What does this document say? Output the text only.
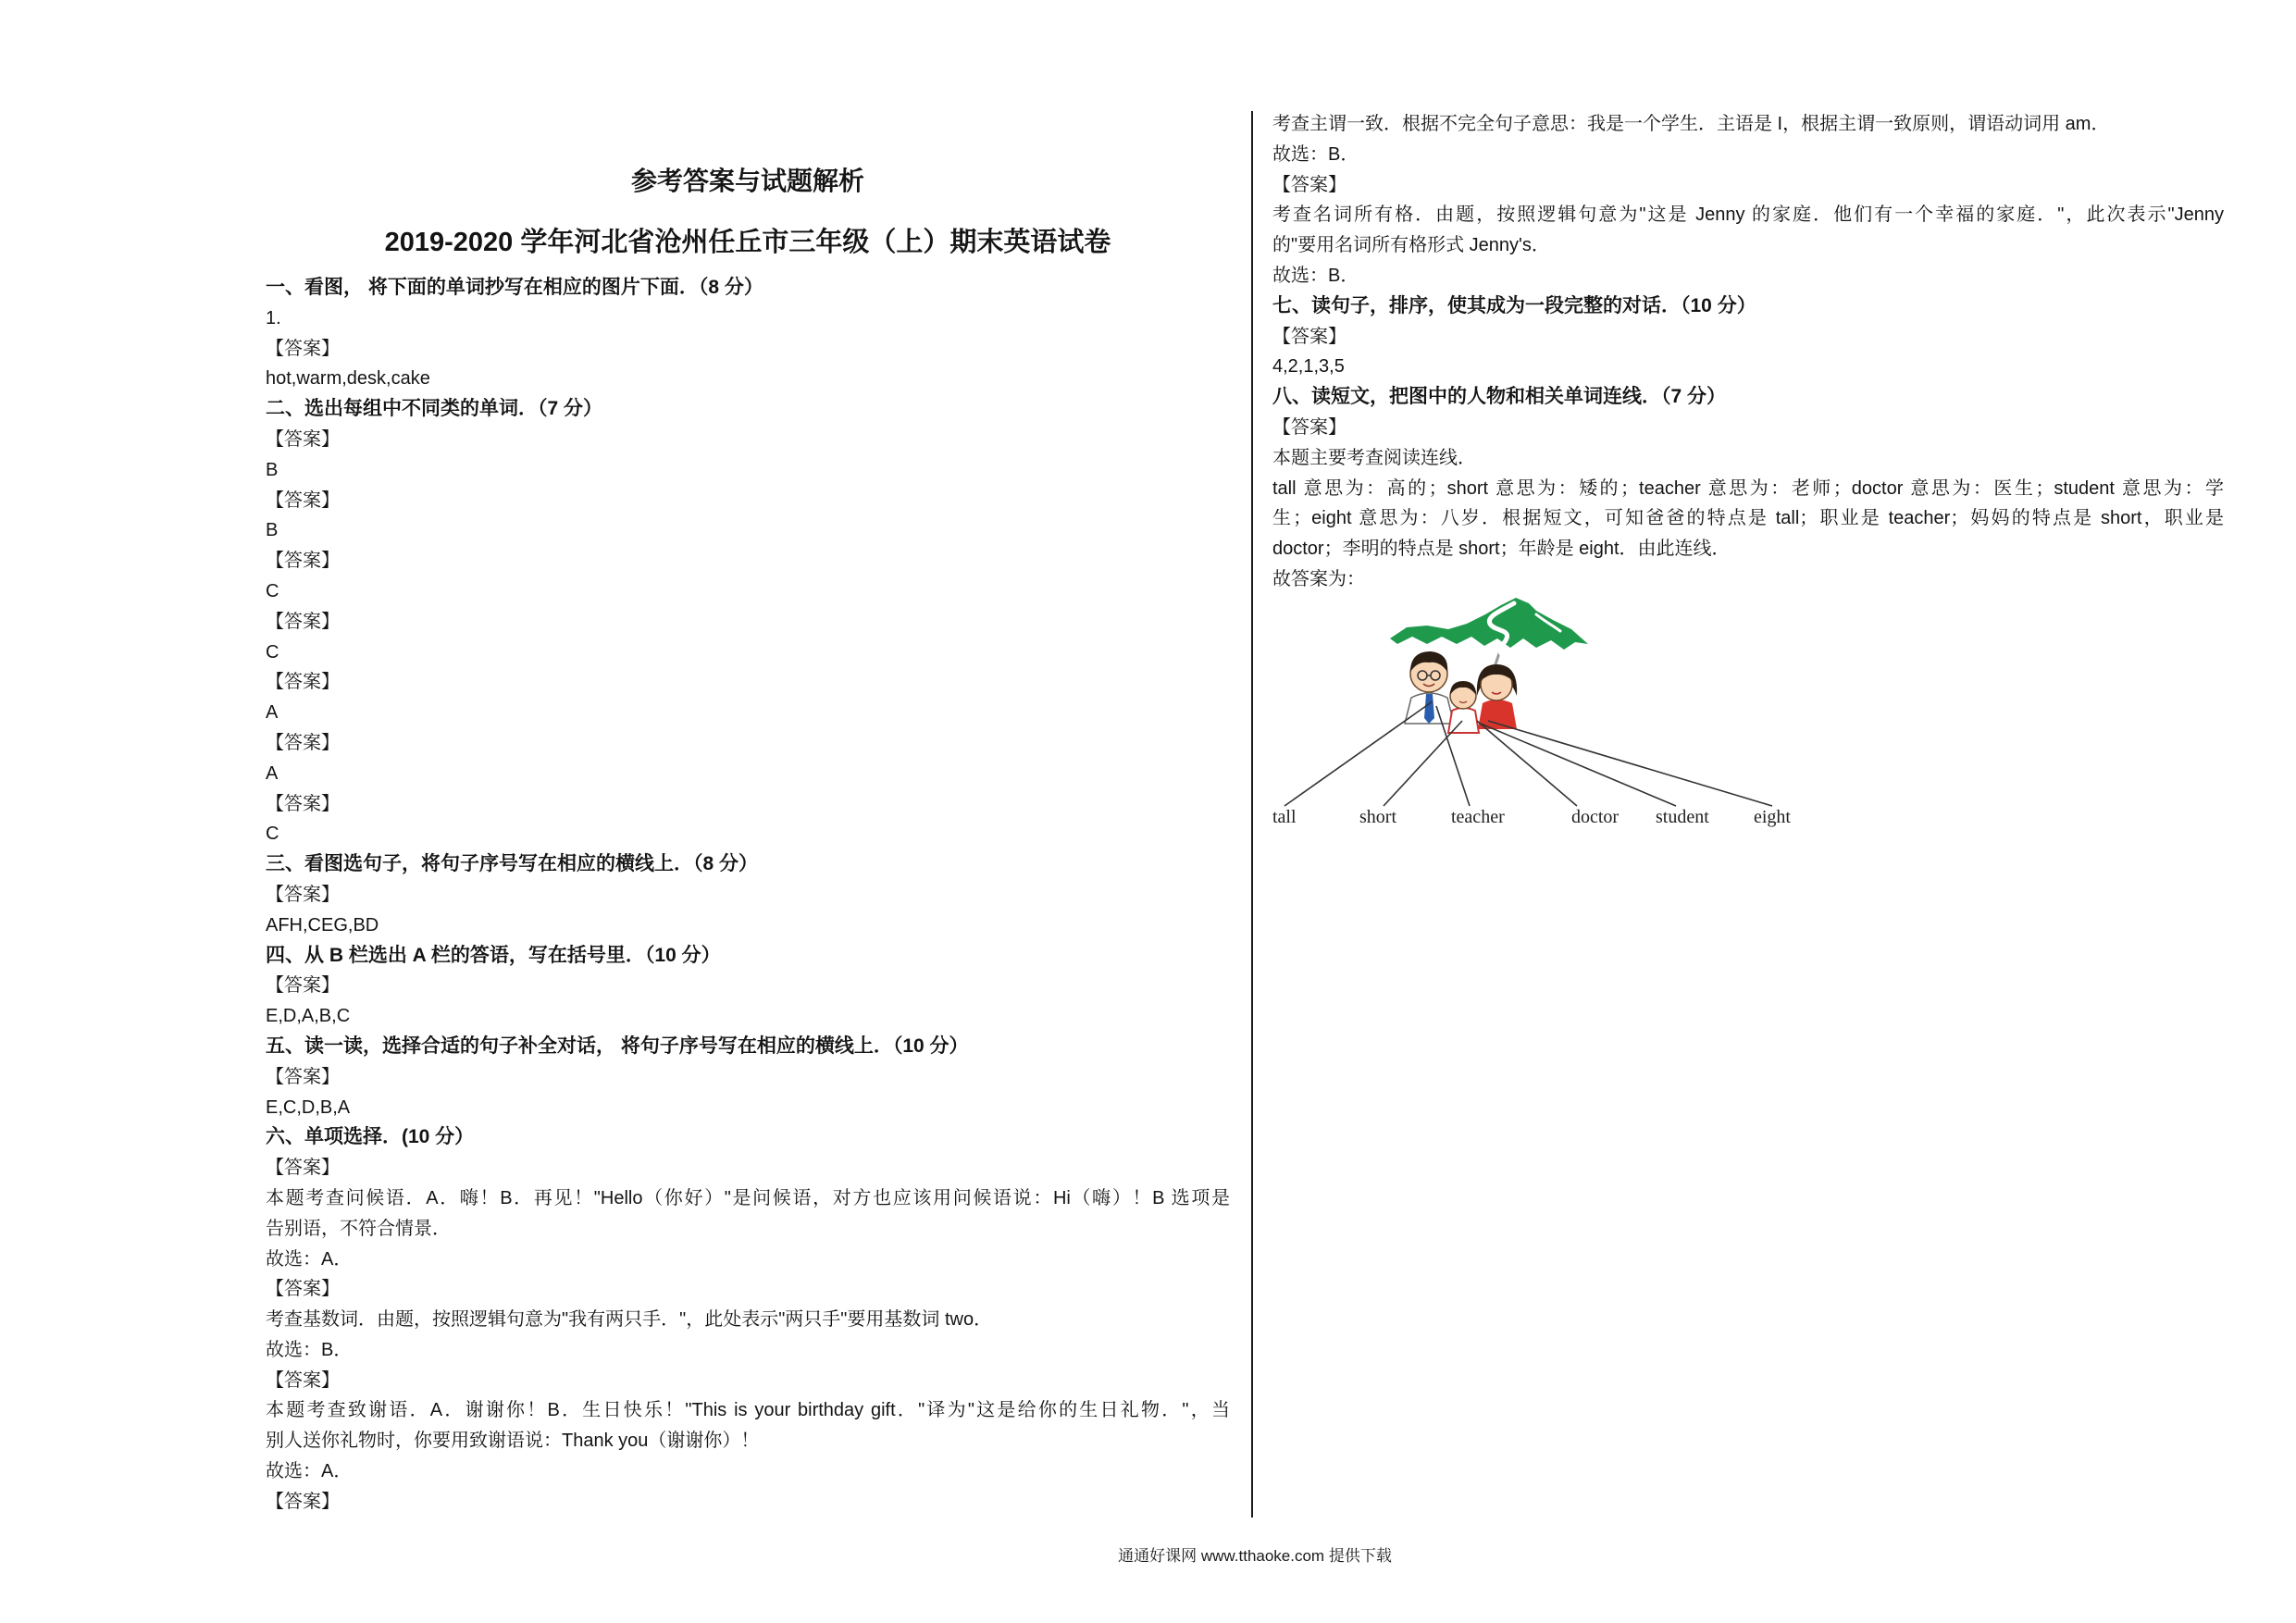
参考答案与试题解析
2019-2020 学年河北省沧州任丘市三年级（上）期末英语试卷
一、看图， 将下面的单词抄写在相应的图片下面．（8 分）
1.
【答案】
hot,warm,desk,cake
二、选出每组中不同类的单词．（7 分）
【答案】
B
【答案】
B
【答案】
C
【答案】
C
【答案】
A
【答案】
A
【答案】
C
三、看图选句子，将句子序号写在相应的横线上．（8 分）
【答案】
AFH,CEG,BD
四、从 B 栏选出 A 栏的答语，写在括号里．（10 分）
【答案】
E,D,A,B,C
五、读一读，选择合适的句子补全对话， 将句子序号写在相应的横线上．（10 分）
【答案】
E,C,D,B,A
六、单项选择．(10 分）
【答案】
本题考查问候语．A．嗨！B．再见！"Hello（你好）"是问候语，对方也应该用问候语说：Hi（嗨）！B 选项是
告别语，不符合情景．
故选：A．
【答案】
考查基数词．由题，按照逻辑句意为"我有两只手．"，此处表示"两只手"要用基数词 two．
故选：B．
【答案】
本题考查致谢语．A．谢谢你！B．生日快乐！"This is your birthday gift．"译为"这是给你的生日礼物．"，当
别人送你礼物时，你要用致谢语说：Thank you（谢谢你）！
故选：A．
【答案】
考查主谓一致．根据不完全句子意思：我是一个学生．主语是 I，根据主谓一致原则，谓语动词用 am．
故选：B．
【答案】
考查名词所有格．由题，按照逻辑句意为"这是 Jenny 的家庭．他们有一个幸福的家庭．"，此次表示"Jenny
的"要用名词所有格形式 Jenny's．
故选：B．
七、读句子，排序，使其成为一段完整的对话．（10 分）
【答案】
4,2,1,3,5
八、读短文，把图中的人物和相关单词连线．（7 分）
【答案】
本题主要考查阅读连线．
tall 意思为：高的；short 意思为：矮的；teacher 意思为：老师；doctor 意思为：医生；student 意思为：学
生；eight 意思为：八岁．根据短文，可知爸爸的特点是 tall；职业是 teacher；妈妈的特点是 short，职业是
doctor；李明的特点是 short；年龄是 eight．由此连线．
故答案为：
tall	short	teacher	doctor student eight
通通好课网 www.tthaoke.com 提供下载
